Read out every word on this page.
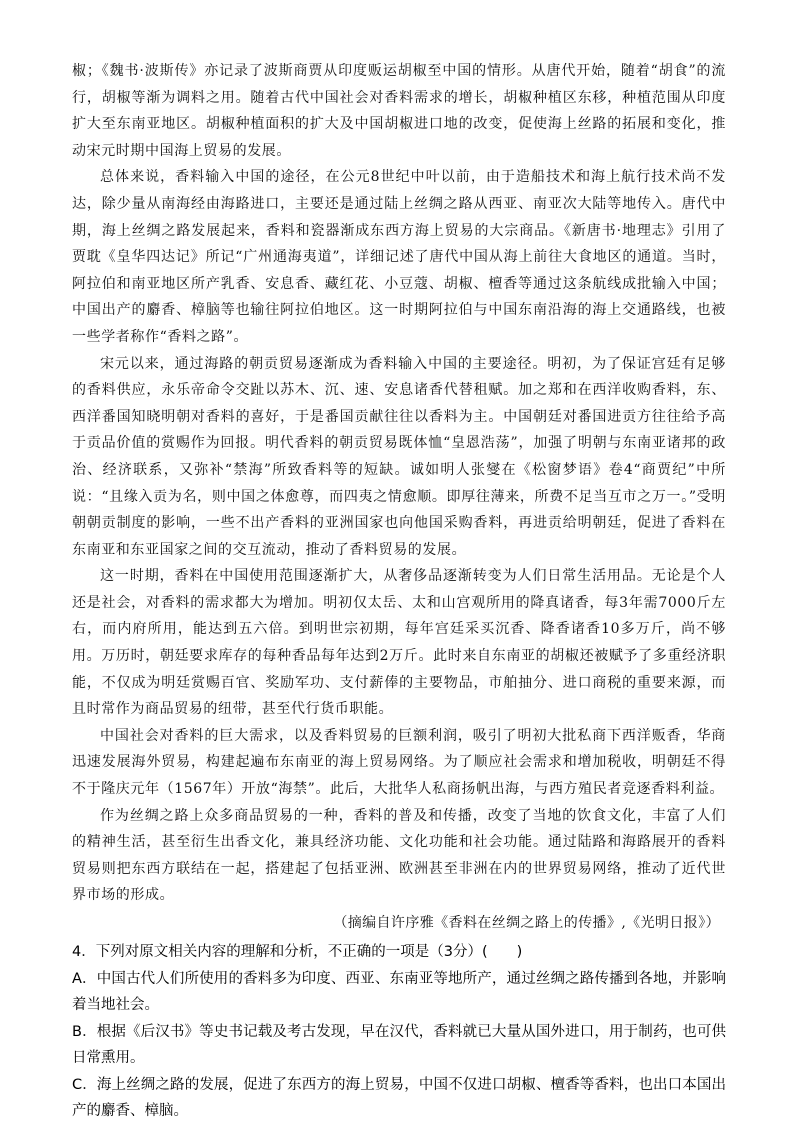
椒；《魏书·波斯传》亦记录了波斯商贾从印度贩运胡椒至中国的情形。从唐代开始，随着“胡食”的流行，胡椒等渐为调料之用。随着古代中国社会对香料需求的增长，胡椒种植区东移，种植范围从印度扩大至东南亚地区。胡椒种植面积的扩大及中国胡椒进口地的改变，促使海上丝路的拓展和变化，推动宋元时期中国海上贸易的发展。

总体来说，香料输入中国的途径，在公元8世纪中叶以前，由于造船技术和海上航行技术尚不发达，除少量从南海经由海路进口，主要还是通过陆上丝绸之路从西亚、南亚次大陆等地传入。唐代中期，海上丝绸之路发展起来，香料和瓷器渐成东西方海上贸易的大宗商品。《新唐书·地理志》引用了贾耽《皇华四达记》所记“广州通海夷道”，详细记述了唐代中国从海上前往大食地区的通道。当时，阿拉伯和南亚地区所产乳香、安息香、藏红花、小豆蔻、胡椒、檀香等通过这条航线成批输入中国；中国出产的麝香、樟脑等也输往阿拉伯地区。这一时期阿拉伯与中国东南沿海的海上交通路线，也被一些学者称作“香料之路”。

宋元以来，通过海路的朝贡贸易逐渐成为香料输入中国的主要途径。明初，为了保证宫廷有足够的香料供应，永乐帝命令交趾以苏木、沉、速、安息诸香代替租赋。加之郑和在西洋收购香料，东、西洋番国知晓明朝对香料的喜好，于是番国贡献往往以香料为主。中国朝廷对番国进贡方往往给予高于贡品价值的赏赐作为回报。明代香料的朝贡贸易既体恤“皇恩浩荡”，加强了明朝与东南亚诸邦的政治、经济联系，又弥补“禁海”所致香料等的短缺。诚如明人张燮在《松窗梦语》卷4“商贾纪”中所说：“且缘入贡为名，则中国之体愈尊，而四夷之情愈顺。即厚往薄来，所费不足当互市之万一。”受明朝朝贡制度的影响，一些不出产香料的亚洲国家也向他国采购香料，再进贡给明朝廷，促进了香料在东南亚和东亚国家之间的交互流动，推动了香料贸易的发展。

这一时期，香料在中国使用范围逐渐扩大，从奢侈品逐渐转变为人们日常生活用品。无论是个人还是社会，对香料的需求都大为增加。明初仅太岳、太和山宫观所用的降真诸香，每3年需7000斤左右，而内府所用，能达到五六倍。到明世宗初期，每年宫廷采买沉香、降香诸香10多万斤，尚不够用。万历时，朝廷要求库存的每种香品每年达到2万斤。此时来自东南亚的胡椒还被赋予了多重经济职能，不仅成为明廷赏赐百官、奖励军功、支付薪俸的主要物品，市舶抽分、进口商税的重要来源，而且时常作为商品贸易的纽带，甚至代行货币职能。

中国社会对香料的巨大需求，以及香料贸易的巨额利润，吸引了明初大批私商下西洋贩香，华商迅速发展海外贸易，构建起遍布东南亚的海上贸易网络。为了顺应社会需求和增加税收，明朝廷不得不于隆庆元年（1567年）开放“海禁”。此后，大批华人私商扬帆出海，与西方殖民者竞逐香料利益。

作为丝绸之路上众多商品贸易的一种，香料的普及和传播，改变了当地的饮食文化，丰富了人们的精神生活，甚至衍生出香文化，兼具经济功能、文化功能和社会功能。通过陆路和海路展开的香料贸易则把东西方联结在一起，搭建起了包括亚洲、欧洲甚至非洲在内的世界贸易网络，推动了近代世界市场的形成。

（摘编自许序雅《香料在丝绸之路上的传播》,《光明日报》）

4．下列对原文相关内容的理解和分析，不正确的一项是（3分）(　　)

A．中国古代人们所使用的香料多为印度、西亚、东南亚等地所产，通过丝绸之路传播到各地，并影响着当地社会。

B．根据《后汉书》等史书记载及考古发现，早在汉代，香料就已大量从国外进口，用于制药，也可供日常熏用。

C．海上丝绸之路的发展，促进了东西方的海上贸易，中国不仅进口胡椒、檀香等香料，也出口本国出产的麝香、樟脑。
